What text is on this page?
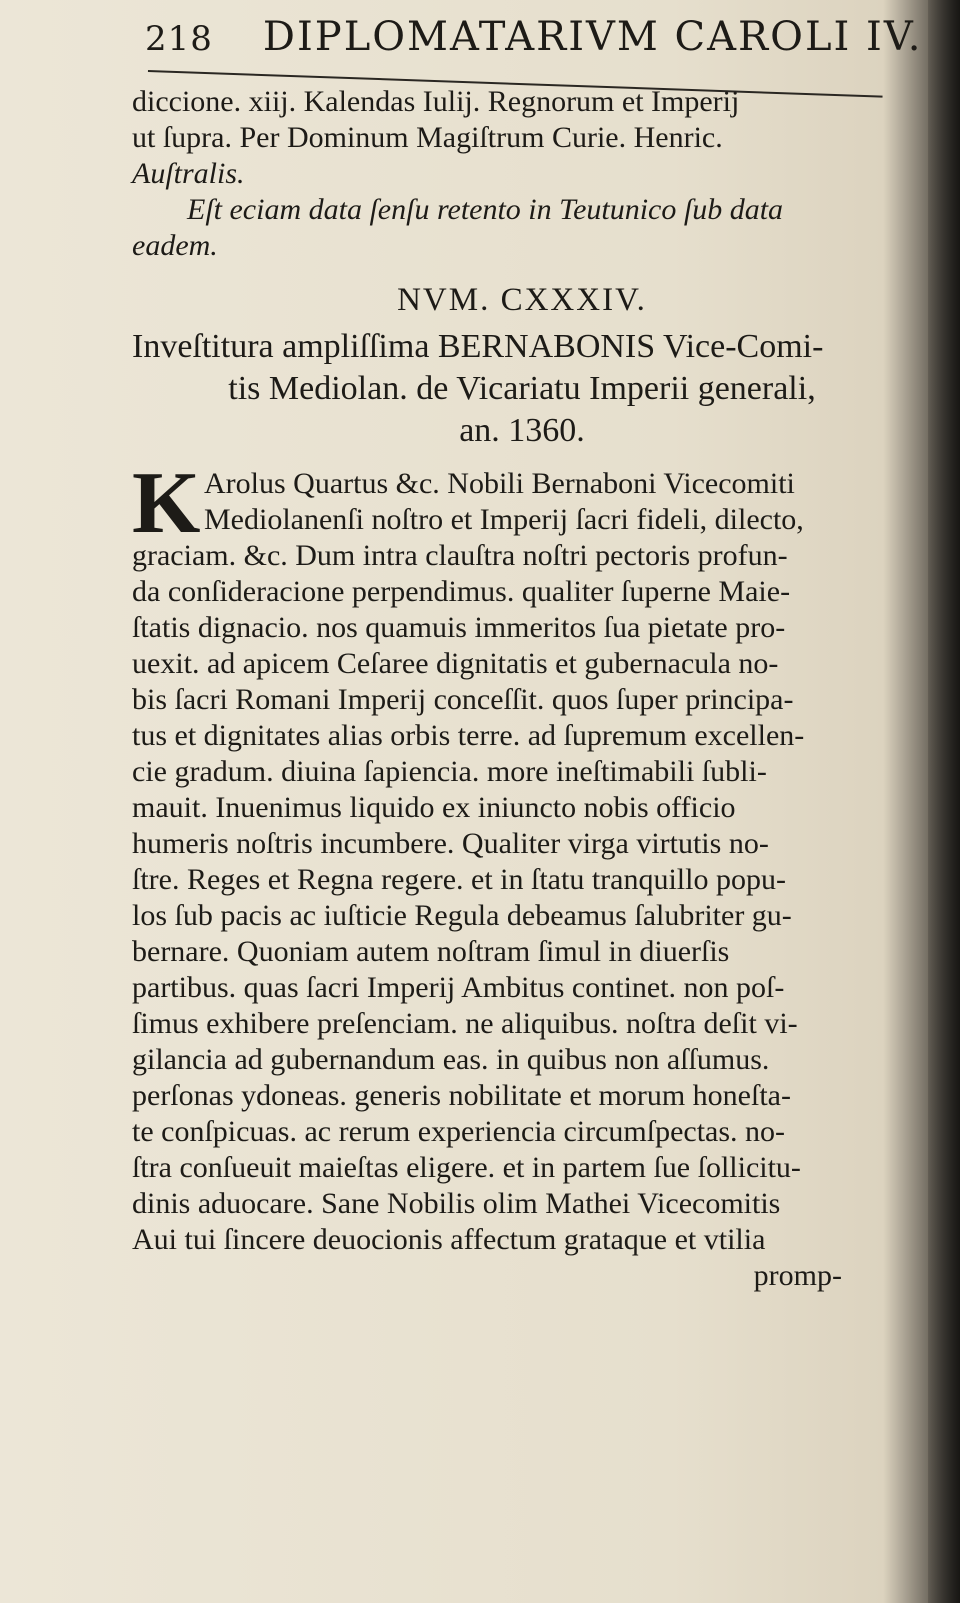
218 DIPLOMATARIVM CAROLI IV.
diccione. xiij. Kalendas Iulij. Regnorum et Imperij
ut ſupra. Per Dominum Magiſtrum Curie. Henric.
Auſtralis.
Eſt eciam data ſenſu retento in Teutunico ſub data
eadem.
NVM. CXXXIV.
Inveſtitura ampliſſima BERNABONIS Vice-Comi-
tis Mediolan. de Vicariatu Imperii generali,
an. 1360.
K Arolus Quartus &c. Nobili Bernaboni Vicecomiti
Mediolanenſi noſtro et Imperij ſacri fideli, dilecto,
graciam. &c. Dum intra clauſtra noſtri pectoris profun-
da conſideracione perpendimus. qualiter ſuperne Maie-
ſtatis dignacio. nos quamuis immeritos ſua pietate pro-
uexit. ad apicem Ceſaree dignitatis et gubernacula no-
bis ſacri Romani Imperij conceſſit. quos ſuper principa-
tus et dignitates alias orbis terre. ad ſupremum excellen-
cie gradum. diuina ſapiencia. more ineſtimabili ſubli-
mauit. Inuenimus liquido ex iniuncto nobis officio
humeris noſtris incumbere. Qualiter virga virtutis no-
ſtre. Reges et Regna regere. et in ſtatu tranquillo popu-
los ſub pacis ac iuſticie Regula debeamus ſalubriter gu-
bernare. Quoniam autem noſtram ſimul in diuerſis
partibus. quas ſacri Imperij Ambitus continet. non poſ-
ſimus exhibere preſenciam. ne aliquibus. noſtra deſit vi-
gilancia ad gubernandum eas. in quibus non aſſumus.
perſonas ydoneas. generis nobilitate et morum honeſta-
te conſpicuas. ac rerum experiencia circumſpectas. no-
ſtra conſueuit maieſtas eligere. et in partem ſue ſollicitu-
dinis aduocare. Sane Nobilis olim Mathei Vicecomitis
Aui tui ſincere deuocionis affectum grataque et vtilia
promp-
